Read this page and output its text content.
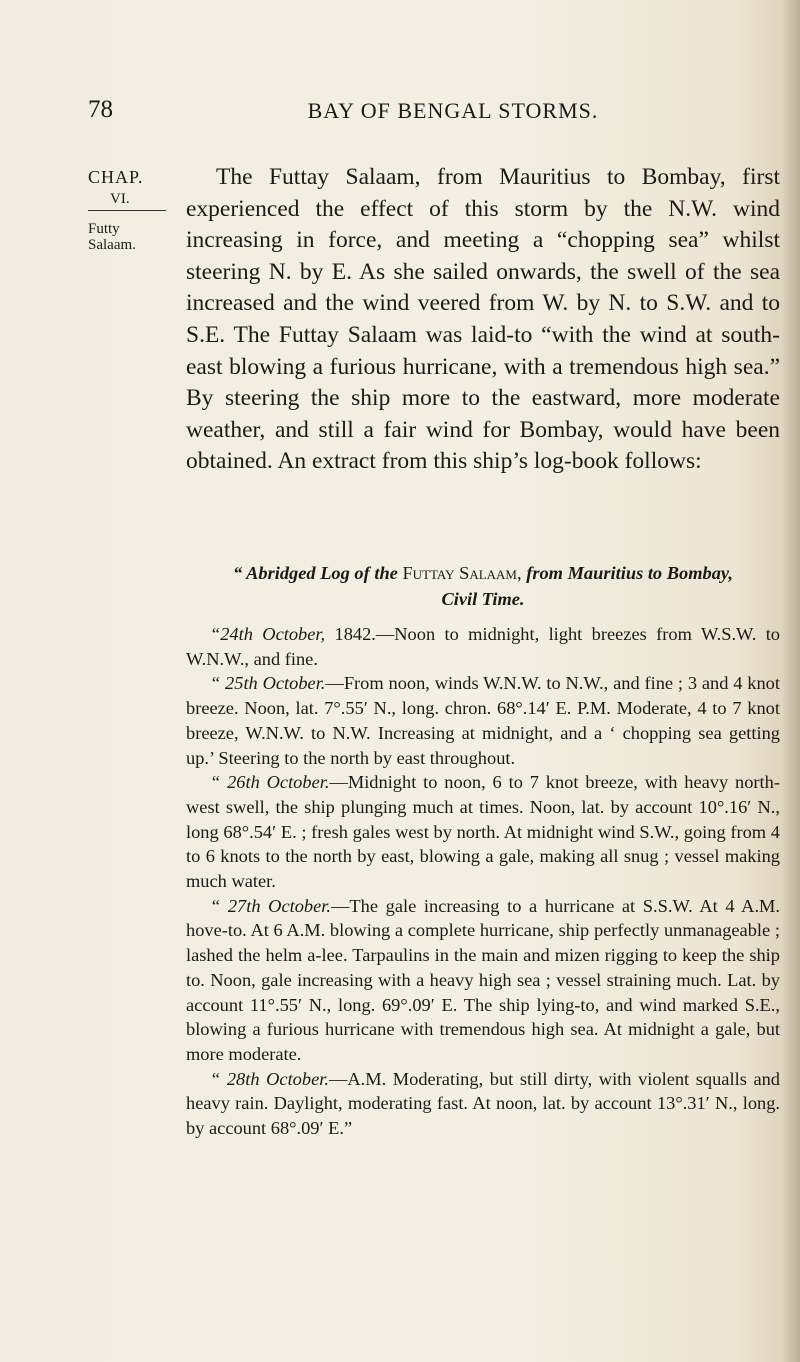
78	BAY OF BENGAL STORMS.
CHAP.
VI.
Futty Salaam.

The Futtay Salaam, from Mauritius to Bombay, first experienced the effect of this storm by the N.W. wind increasing in force, and meeting a “chopping sea” whilst steering N. by E. As she sailed onwards, the swell of the sea increased and the wind veered from W. by N. to S.W. and to S.E. The Futtay Salaam was laid-to “with the wind at south-east blowing a furious hurricane, with a tremendous high sea.” By steering the ship more to the eastward, more moderate weather, and still a fair wind for Bombay, would have been obtained. An extract from this ship’s log-book follows:

“ Abridged Log of the Futtay Salaam, from Mauritius to Bombay,
Civil Time.

“24th October, 1842.—Noon to midnight, light breezes from W.S.W. to W.N.W., and fine.

“ 25th October.—From noon, winds W.N.W. to N.W., and fine ; 3 and 4 knot breeze. Noon, lat. 7°.55′ N., long. chron. 68°.14′ E. P.M. Moderate, 4 to 7 knot breeze, W.N.W. to N.W. Increasing at midnight, and a ‘ chopping sea getting up.’ Steering to the north by east throughout.

“ 26th October.—Midnight to noon, 6 to 7 knot breeze, with heavy north-west swell, the ship plunging much at times. Noon, lat. by account 10°.16′ N., long 68°.54′ E. ; fresh gales west by north. At midnight wind S.W., going from 4 to 6 knots to the north by east, blowing a gale, making all snug ; vessel making much water.

“ 27th October.—The gale increasing to a hurricane at S.S.W. At 4 A.M. hove-to. At 6 A.M. blowing a complete hurricane, ship perfectly unmanageable ; lashed the helm a-lee. Tarpaulins in the main and mizen rigging to keep the ship to. Noon, gale increasing with a heavy high sea ; vessel straining much. Lat. by account 11°.55′ N., long. 69°.09′ E. The ship lying-to, and wind marked S.E., blowing a furious hurricane with tremendous high sea. At midnight a gale, but more moderate.

“ 28th October.—A.M. Moderating, but still dirty, with violent squalls and heavy rain. Daylight, moderating fast. At noon, lat. by account 13°.31′ N., long. by account 68°.09′ E.”
